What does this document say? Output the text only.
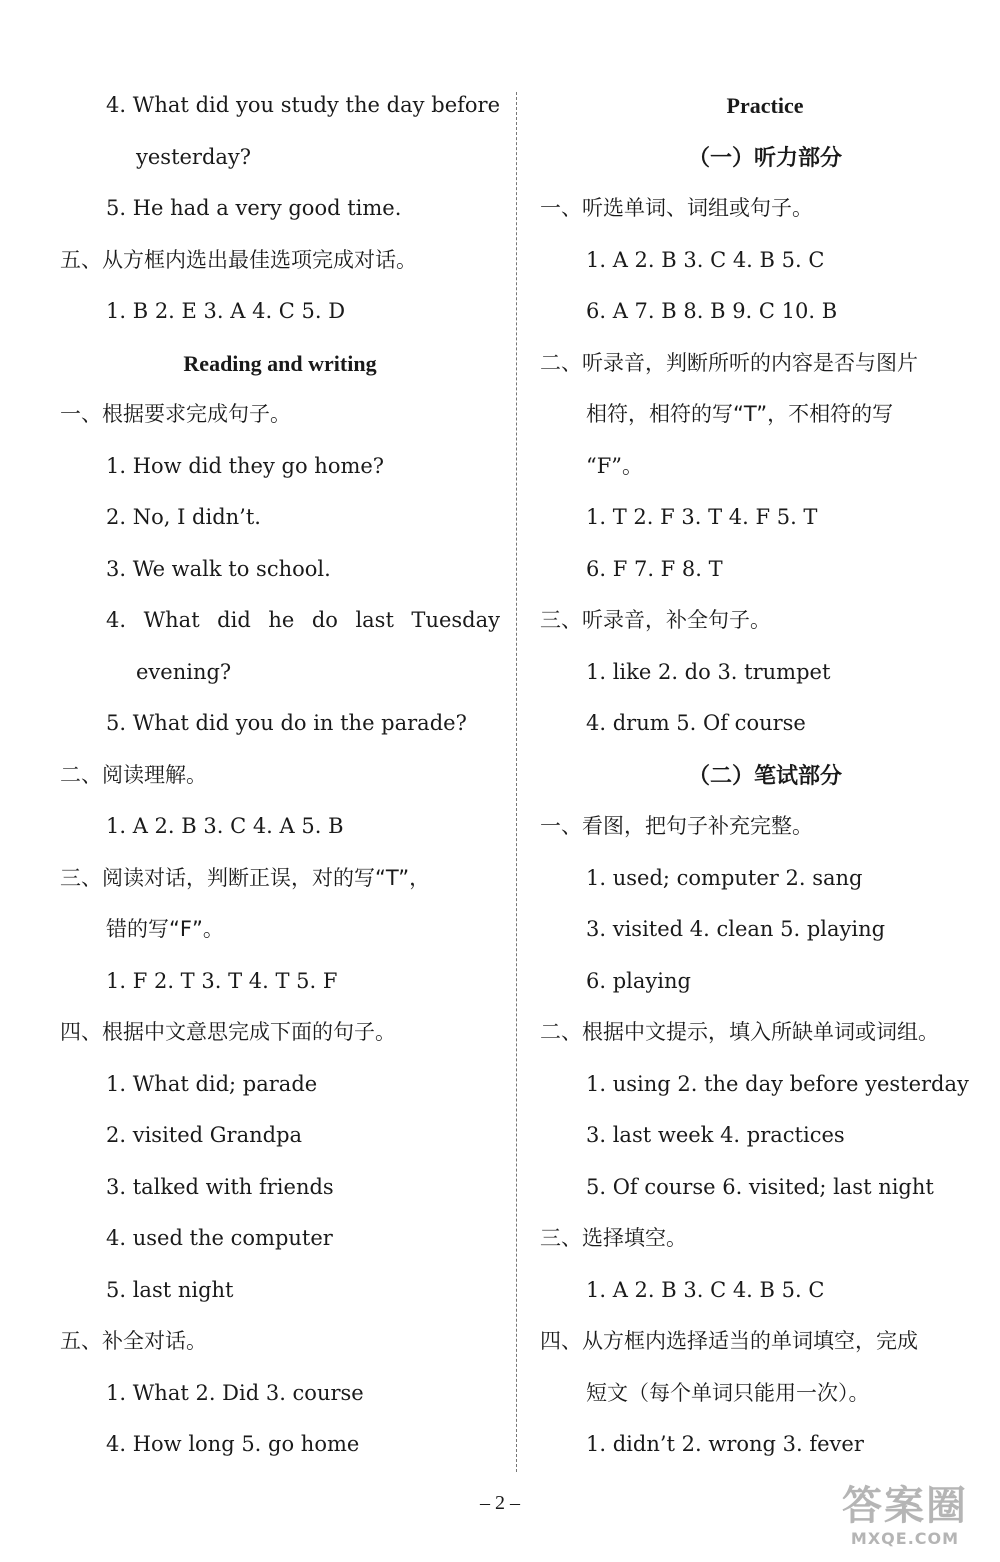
4. What did you study the day before
yesterday?
5. He had a very good time.
五、从方框内选出最佳选项完成对话。
1. B 2. E 3. A 4. C 5. D
Reading and writing
一、根据要求完成句子。
1. How did they go home?
2. No, I didn’t.
3. We walk to school.
4. What did he do last Tuesday
evening?
5. What did you do in the parade?
二、阅读理解。
1. A 2. B 3. C 4. A 5. B
三、阅读对话，判断正误，对的写“T”，
错的写“F”。
1. F 2. T 3. T 4. T 5. F
四、根据中文意思完成下面的句子。
1. What did; parade
2. visited Grandpa
3. talked with friends
4. used the computer
5. last night
五、补全对话。
1. What 2. Did 3. course
4. How long 5. go home
Practice
（一）听力部分
一、听选单词、词组或句子。
1. A 2. B 3. C 4. B 5. C
6. A 7. B 8. B 9. C 10. B
二、听录音，判断所听的内容是否与图片
相符，相符的写“T”，不相符的写
“F”。
1. T 2. F 3. T 4. F 5. T
6. F 7. F 8. T
三、听录音，补全句子。
1. like 2. do 3. trumpet
4. drum 5. Of course
（二）笔试部分
一、看图，把句子补充完整。
1. used; computer 2. sang
3. visited 4. clean 5. playing
6. playing
二、根据中文提示，填入所缺单词或词组。
1. using 2. the day before yesterday
3. last week 4. practices
5. Of course 6. visited; last night
三、选择填空。
1. A 2. B 3. C 4. B 5. C
四、从方框内选择适当的单词填空，完成
短文（每个单词只能用一次）。
1. didn’t 2. wrong 3. fever
– 2 –	答案圈
MXQE.COM
